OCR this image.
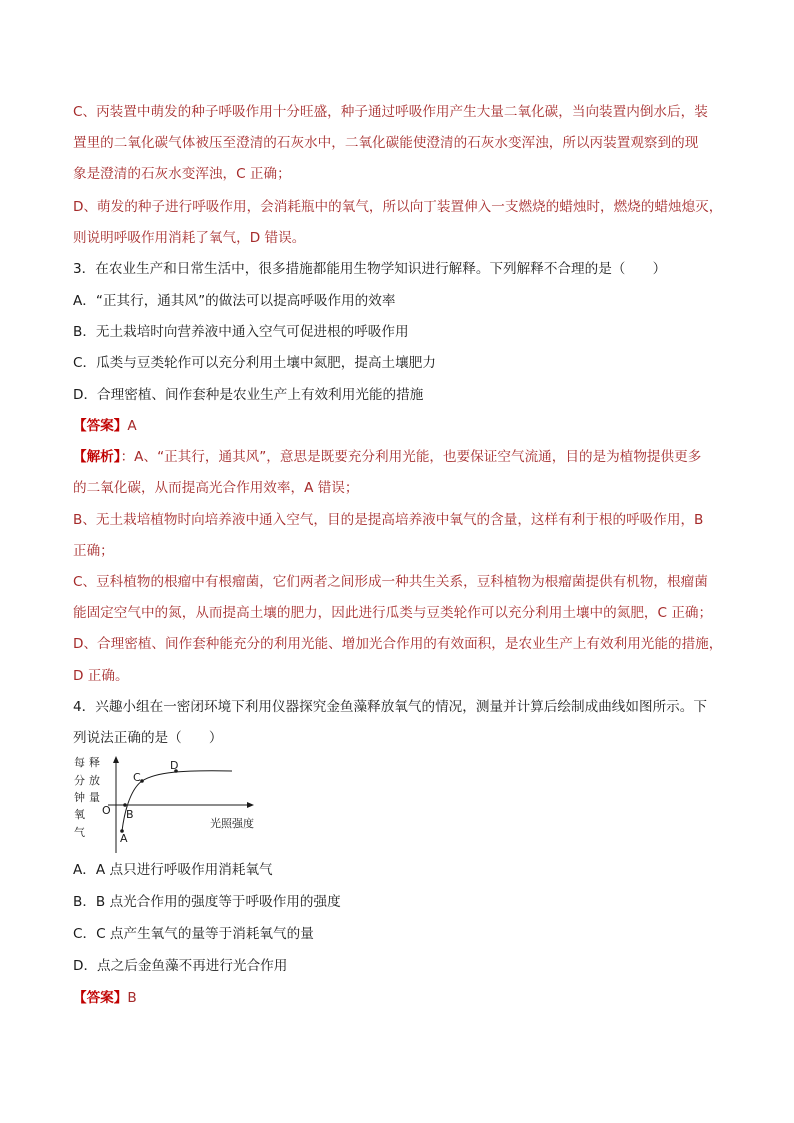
C、丙装置中萌发的种子呼吸作用十分旺盛，种子通过呼吸作用产生大量二氧化碳，当向装置内倒水后，装
置里的二氧化碳气体被压至澄清的石灰水中，二氧化碳能使澄清的石灰水变浑浊，所以丙装置观察到的现
象是澄清的石灰水变浑浊，C 正确；
D、萌发的种子进行呼吸作用，会消耗瓶中的氧气，所以向丁装置伸入一支燃烧的蜡烛时，燃烧的蜡烛熄灭，
则说明呼吸作用消耗了氧气，D 错误。
3．在农业生产和日常生活中，很多措施都能用生物学知识进行解释。下列解释不合理的是（　　）
A．“正其行，通其风”的做法可以提高呼吸作用的效率
B．无土栽培时向营养液中通入空气可促进根的呼吸作用
C．瓜类与豆类轮作可以充分利用土壤中氮肥，提高土壤肥力
D．合理密植、间作套种是农业生产上有效利用光能的措施
【答案】A
【解析】：A、“正其行，通其风”，意思是既要充分利用光能，也要保证空气流通，目的是为植物提供更多
的二氧化碳，从而提高光合作用效率，A 错误；
B、无土栽培植物时向培养液中通入空气，目的是提高培养液中氧气的含量，这样有利于根的呼吸作用，B
正确；
C、豆科植物的根瘤中有根瘤菌，它们两者之间形成一种共生关系，豆科植物为根瘤菌提供有机物，根瘤菌
能固定空气中的氮，从而提高土壤的肥力，因此进行瓜类与豆类轮作可以充分利用土壤中的氮肥，C 正确；
D、合理密植、间作套种能充分的利用光能、增加光合作用的有效面积，是农业生产上有效利用光能的措施，
D 正确。
4．兴趣小组在一密闭环境下利用仪器探究金鱼藻释放氧气的情况，测量并计算后绘制成曲线如图所示。下
列说法正确的是（　　）
每
分
钟
氧
气
释
放
量
O
光照强度
A
B
C
D
A．A 点只进行呼吸作用消耗氧气
B．B 点光合作用的强度等于呼吸作用的强度
C．C 点产生氧气的量等于消耗氧气的量
D．点之后金鱼藻不再进行光合作用
【答案】B
